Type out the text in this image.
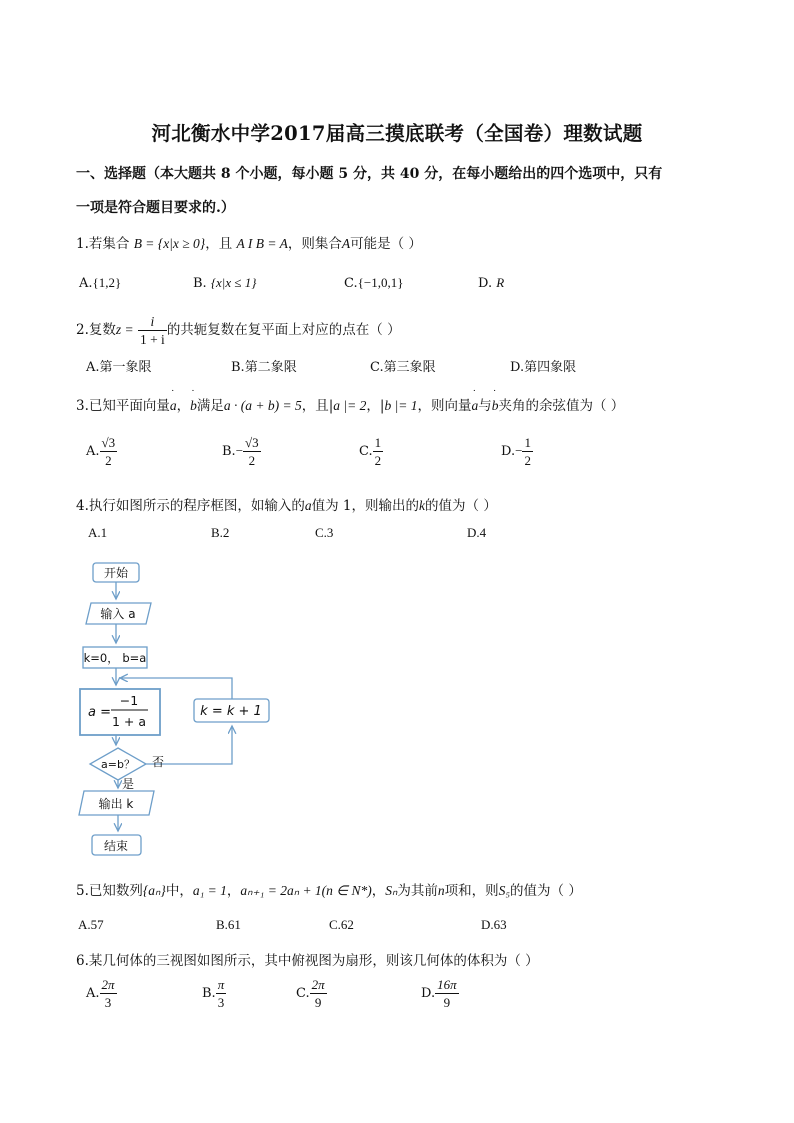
河北衡水中学2017届高三摸底联考（全国卷）理数试题
一、选择题（本大题共 8 个小题，每小题 5 分，共 40 分，在每小题给出的四个选项中，只有
一项是符合题目要求的.）
1.若集合 B = {x|x ≥ 0}，且 A I B = A，则集合A可能是（ ）
A.{1,2}	B. {x|x ≤ 1}	C.{−1,0,1}	D. R
2.复数$z = \frac{i}{1 + i}$ 的共轭复数在复平面上对应的点在（ ）
A.第一象限	B.第二象限	C.第三象限	D.第四象限
3.已知平面向量˙ a，˙ b满足a · (a + b) = 5，且|a |= 2，|b |= 1，则向量˙ a与˙ b夹角的余弦值为（ ）
A. $\frac{√3}{2}$	$B.- \frac{√3}{2}$	C. $\frac{1}{2}$	$D.- \frac{1}{2}$
4.执行如图所示的程序框图，如输入的a值为 1，则输出的k的值为（ ）
A.1	B.2	C.3	D.4
开始
输入 a
k=0， b=a
a =
−1
1 + a
k = k + 1
a=b？ 否
是
输出 k
结束
5.已知数列{aₙ}中，a₁ = 1，aₙ₊₁ = 2aₙ + 1(n ∈ N*)，Sₙ为其前n项和，则S₅的值为（ ）
A.57	B.61	C.62	D.63
6.某几何体的三视图如图所示，其中俯视图为扇形，则该几何体的体积为（ ）
A. $\frac{2\pi}{3}$	B. $\frac{\pi}{3}$	C. $\frac{2\pi}{9}$	D. $\frac{16\pi}{9}$
